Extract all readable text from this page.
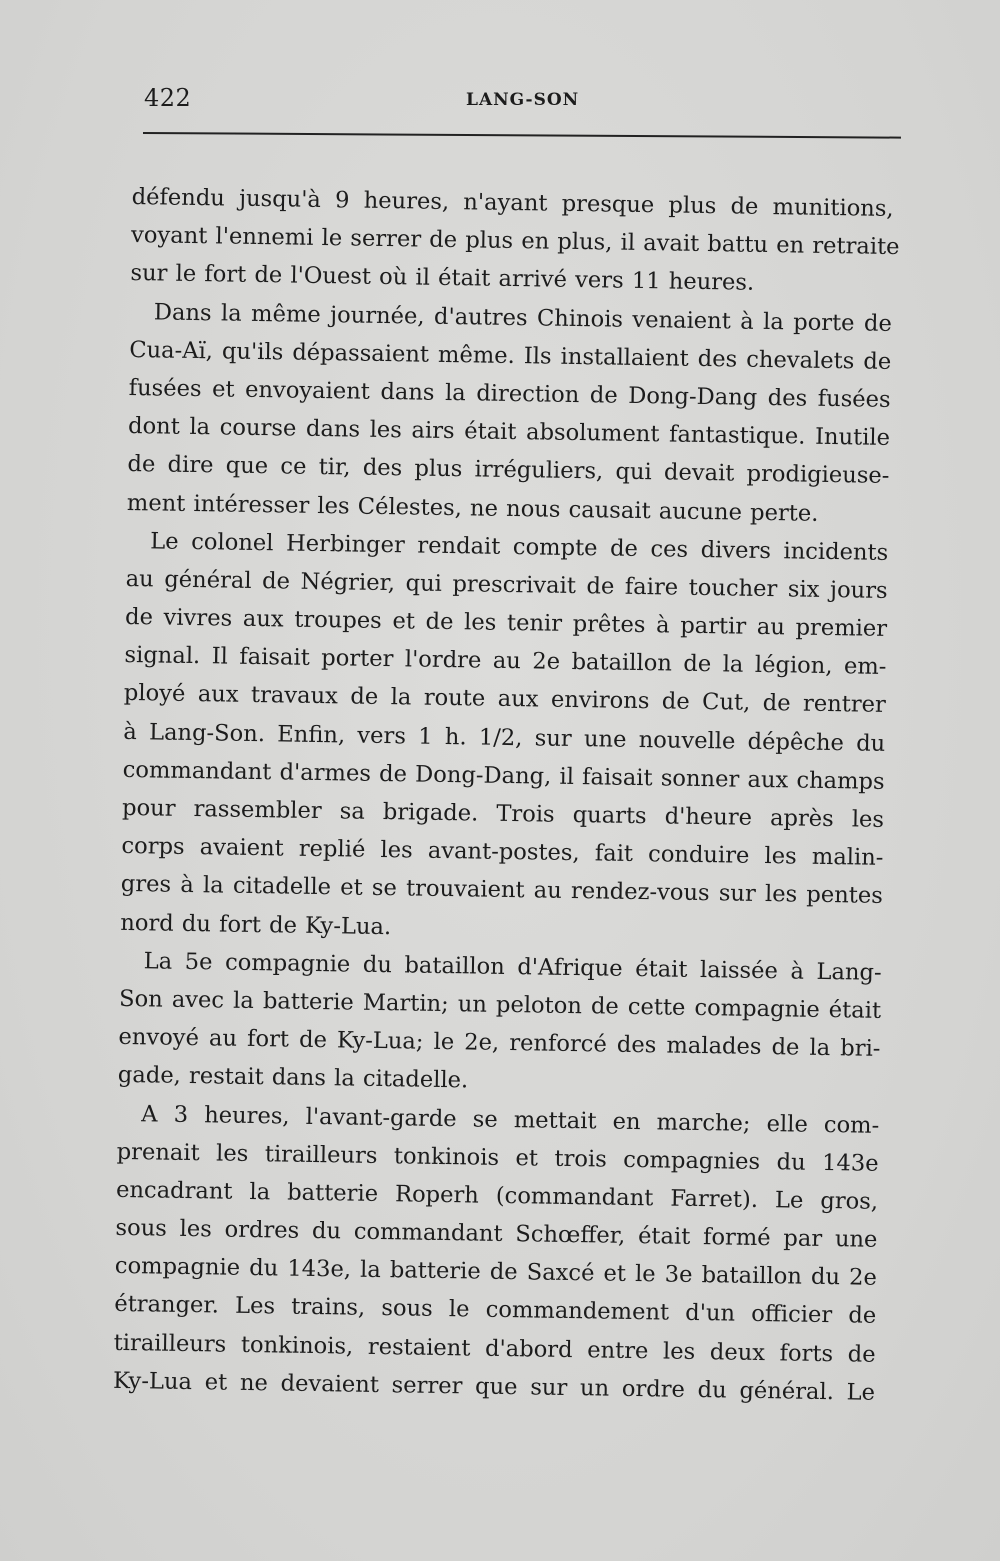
422	LANG-SON
défendu jusqu'à 9 heures, n'ayant presque plus de munitions,
voyant l'ennemi le serrer de plus en plus, il avait battu en retraite
sur le fort de l'Ouest où il était arrivé vers 11 heures.
Dans la même journée, d'autres Chinois venaient à la porte de
Cua-Aï, qu'ils dépassaient même. Ils installaient des chevalets de
fusées et envoyaient dans la direction de Dong-Dang des fusées
dont la course dans les airs était absolument fantastique. Inutile
de dire que ce tir, des plus irréguliers, qui devait prodigieuse-
ment intéresser les Célestes, ne nous causait aucune perte.
Le colonel Herbinger rendait compte de ces divers incidents
au général de Négrier, qui prescrivait de faire toucher six jours
de vivres aux troupes et de les tenir prêtes à partir au premier
signal. Il faisait porter l'ordre au 2e bataillon de la légion, em-
ployé aux travaux de la route aux environs de Cut, de rentrer
à Lang-Son. Enfin, vers 1 h. 1/2, sur une nouvelle dépêche du
commandant d'armes de Dong-Dang, il faisait sonner aux champs
pour rassembler sa brigade. Trois quarts d'heure après les
corps avaient replié les avant-postes, fait conduire les malin-
gres à la citadelle et se trouvaient au rendez-vous sur les pentes
nord du fort de Ky-Lua.
La 5e compagnie du bataillon d'Afrique était laissée à Lang-
Son avec la batterie Martin; un peloton de cette compagnie était
envoyé au fort de Ky-Lua; le 2e, renforcé des malades de la bri-
gade, restait dans la citadelle.
A 3 heures, l'avant-garde se mettait en marche; elle com-
prenait les tirailleurs tonkinois et trois compagnies du 143e
encadrant la batterie Roperh (commandant Farret). Le gros,
sous les ordres du commandant Schœffer, était formé par une
compagnie du 143e, la batterie de Saxcé et le 3e bataillon du 2e
étranger. Les trains, sous le commandement d'un officier de
tirailleurs tonkinois, restaient d'abord entre les deux forts de
Ky-Lua et ne devaient serrer que sur un ordre du général. Le
